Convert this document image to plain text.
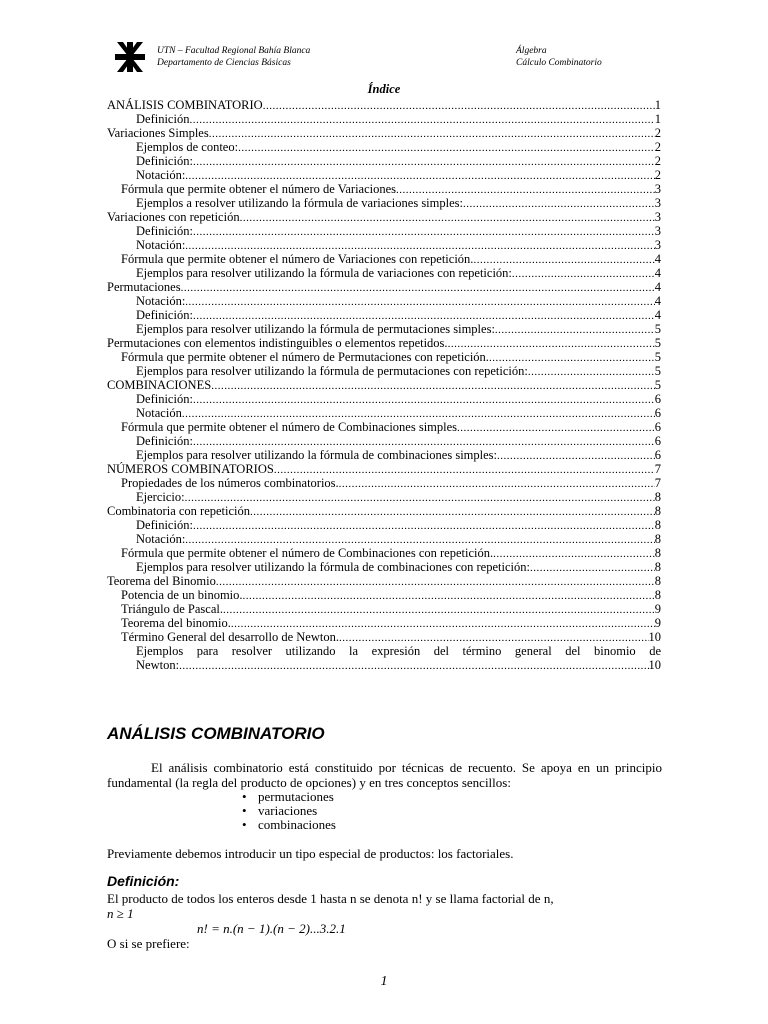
UTN – Facultad Regional Bahía Blanca
Departamento de Ciencias Básicas
Álgebra
Cálculo Combinatorio
Índice
ANÁLISIS COMBINATORIO .....	1
Definición .....	1
Variaciones Simples .....	2
Ejemplos de conteo: .....	2
Definición: .....	2
Notación: .....	2
Fórmula que permite obtener el número de Variaciones .....	3
Ejemplos a resolver utilizando la fórmula de variaciones simples: .....	3
Variaciones con repetición .....	3
Definición: .....	3
Notación: .....	3
Fórmula que permite obtener el número de Variaciones con repetición. .....	4
Ejemplos para resolver utilizando la fórmula de variaciones con repetición: .....	4
Permutaciones .....	4
Notación: .....	4
Definición: .....	4
Ejemplos para resolver utilizando la fórmula de permutaciones simples: .....	5
Permutaciones con elementos indistinguibles o elementos repetidos. .....	5
Fórmula que permite obtener el número de Permutaciones con repetición. .....	5
Ejemplos para resolver utilizando la fórmula de permutaciones con repetición: .....	5
COMBINACIONES .....	5
Definición: .....	6
Notación .....	6
Fórmula que permite obtener el número de Combinaciones simples .....	6
Definición: .....	6
Ejemplos para resolver utilizando la fórmula de combinaciones simples: .....	6
NÚMEROS COMBINATORIOS .....	7
Propiedades de los números combinatorios. .....	7
Ejercicio: .....	8
Combinatoria con repetición .....	8
Definición: .....	8
Notación: .....	8
Fórmula que permite obtener el número de Combinaciones con repetición. .....	8
Ejemplos para resolver utilizando la fórmula de combinaciones con repetición: .....	8
Teorema del Binomio .....	8
Potencia de un binomio. .....	8
Triángulo de Pascal. .....	9
Teorema del binomio. .....	9
Término General del desarrollo de Newton. .....	10
Ejemplos para resolver utilizando la expresión del término general del binomio de
Newton: .....	10
ANÁLISIS COMBINATORIO
El análisis combinatorio está constituido por técnicas de recuento. Se apoya en un principio fundamental (la regla del producto de opciones) y en tres conceptos sencillos:
• permutaciones
• variaciones
• combinaciones
Previamente debemos introducir un tipo especial de productos: los factoriales.
Definición:
El producto de todos los enteros desde 1 hasta n se denota n! y se llama factorial de n,
n ≥ 1
n! = n.(n − 1).(n − 2)...3.2.1
O si se prefiere:
1
